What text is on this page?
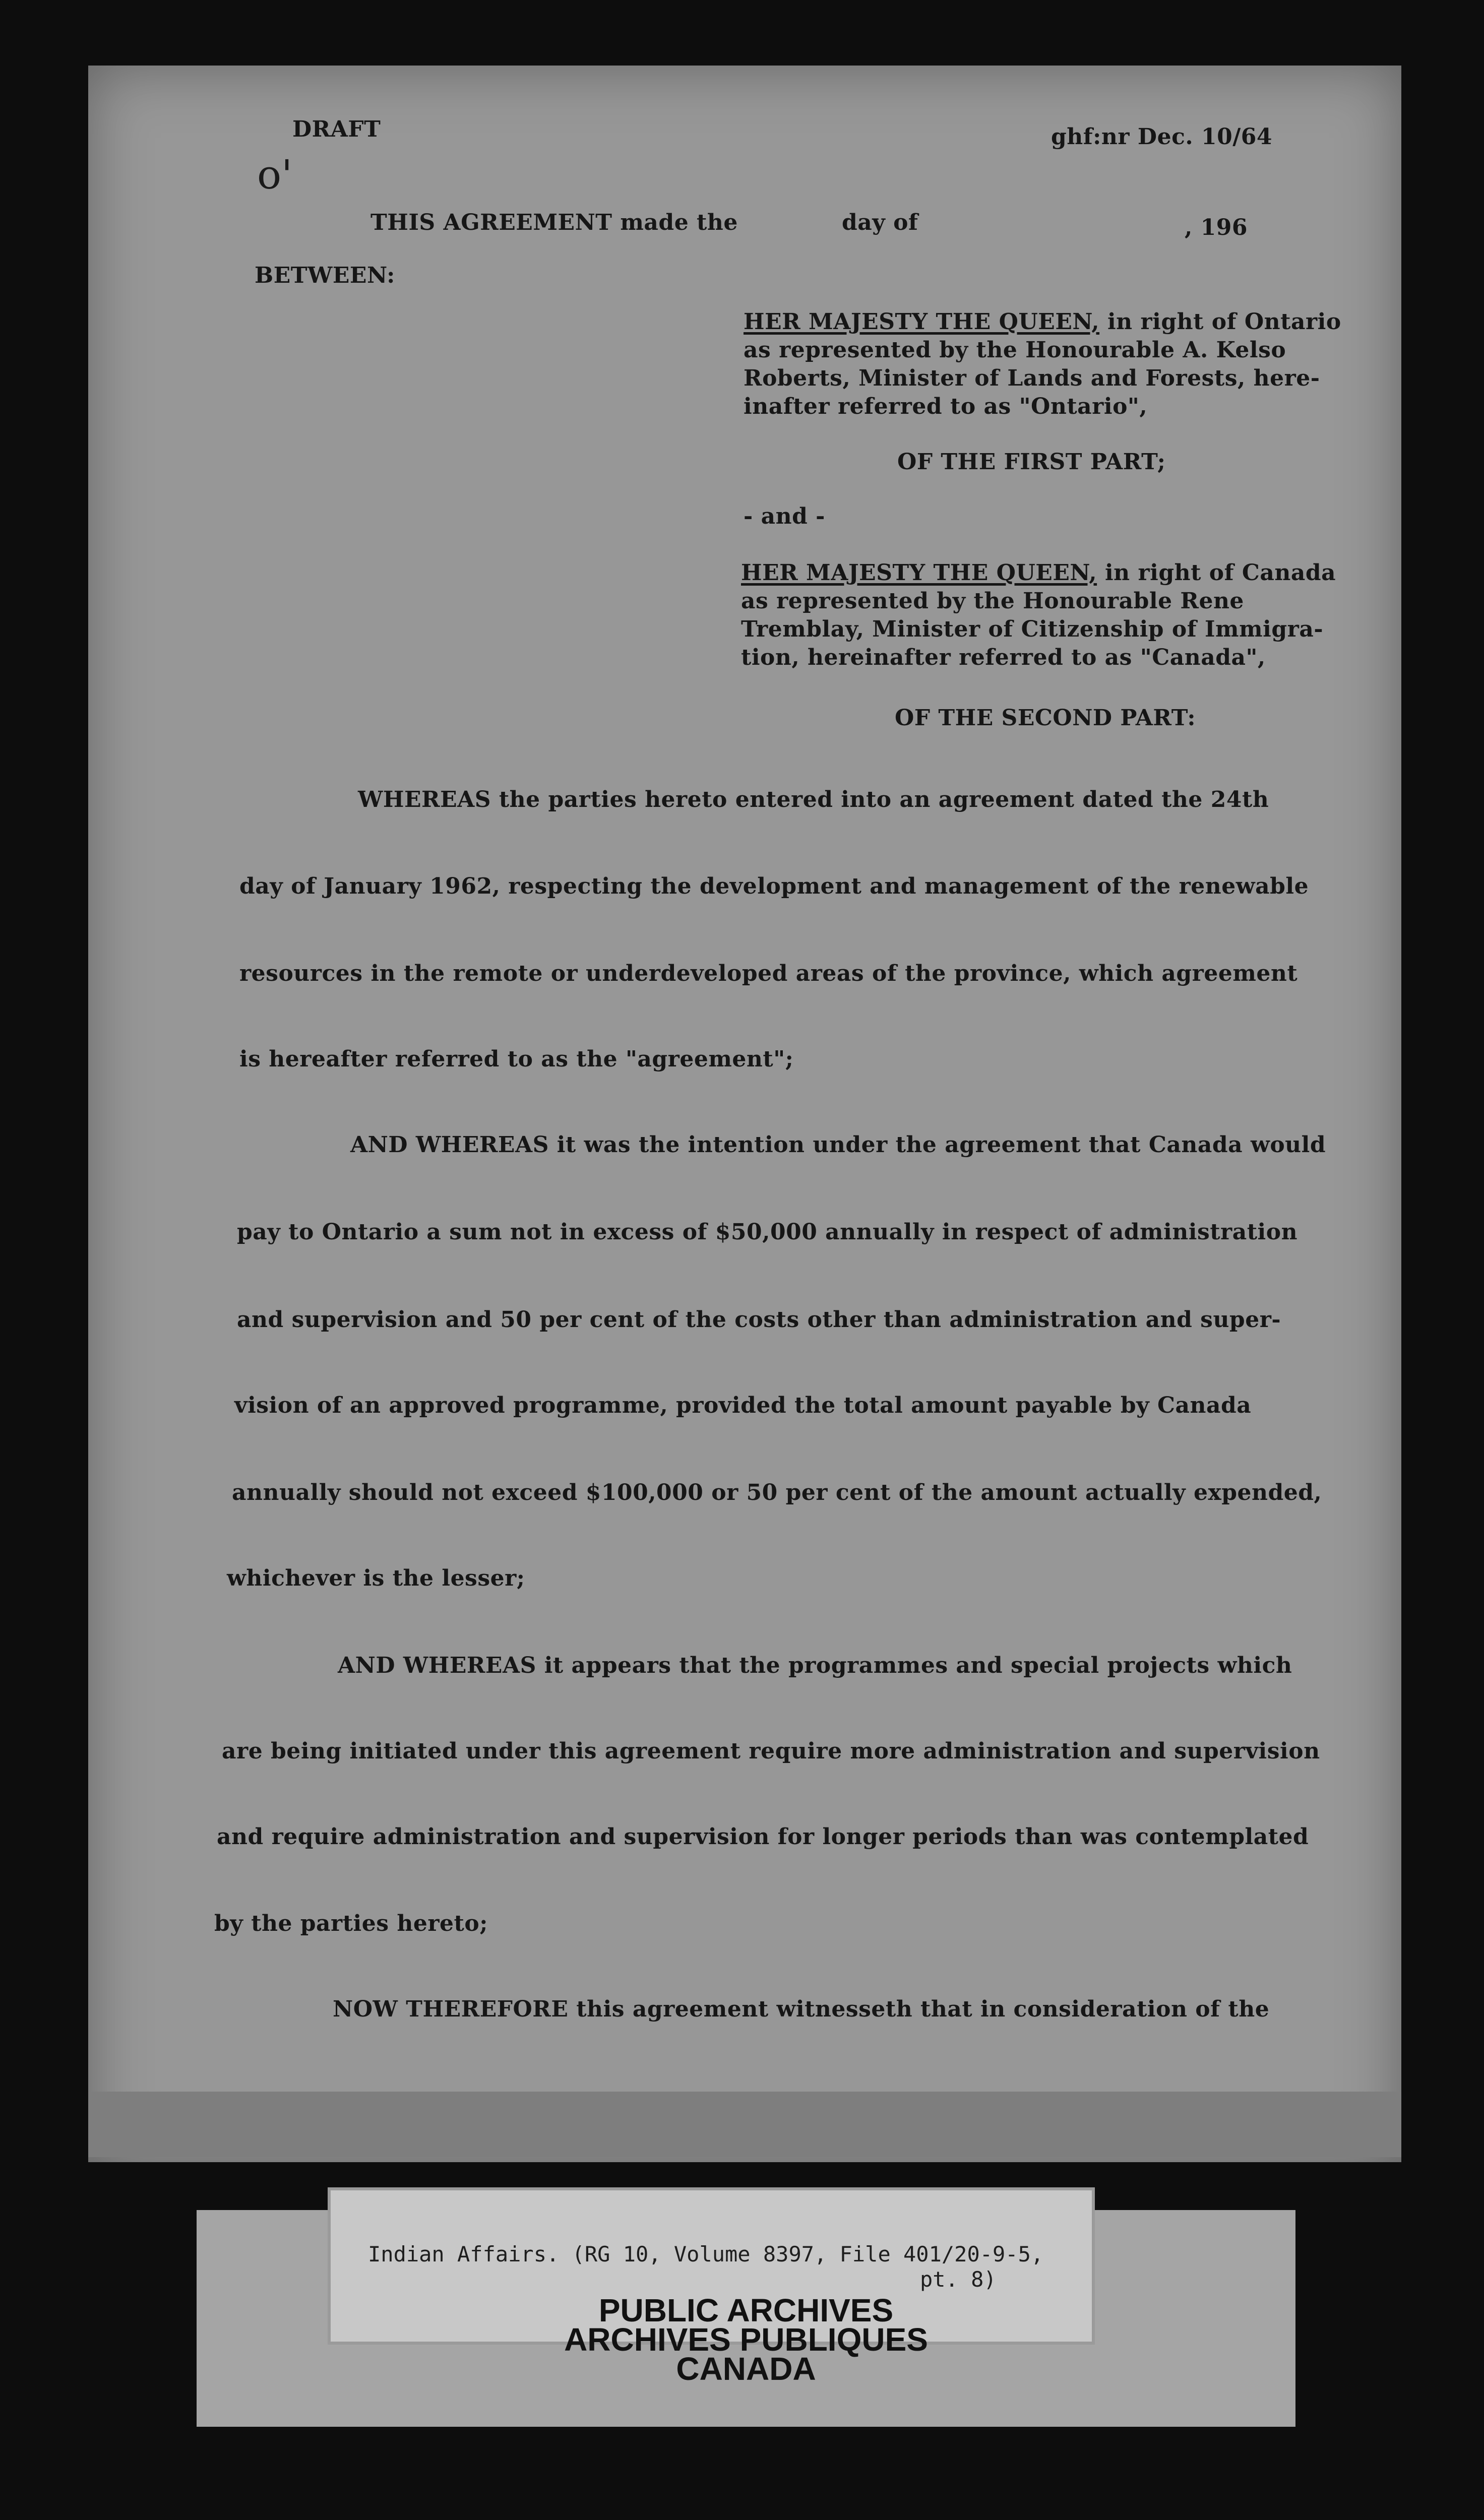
o'

DRAFT	ghf:nr Dec. 10/64

THIS AGREEMENT made the	day of	, 196

BETWEEN:

HER MAJESTY THE QUEEN, in right of Ontario

as represented by the Honourable A. Kelso

Roberts, Minister of Lands and Forests, here-

inafter referred to as "Ontario",

OF THE FIRST PART;

- and -

HER MAJESTY THE QUEEN, in right of Canada

as represented by the Honourable Rene

Tremblay, Minister of Citizenship of Immigra-

tion, hereinafter referred to as "Canada",

OF THE SECOND PART:

WHEREAS the parties hereto entered into an agreement dated the 24th

day of January 1962, respecting the development and management of the renewable

resources in the remote or underdeveloped areas of the province, which agreement

is hereafter referred to as the "agreement";

AND WHEREAS it was the intention under the agreement that Canada would

pay to Ontario a sum not in excess of $50,000 annually in respect of administration

and supervision and 50 per cent of the costs other than administration and super-

vision of an approved programme, provided the total amount payable by Canada

annually should not exceed $100,000 or 50 per cent of the amount actually expended,

whichever is the lesser;

AND WHEREAS it appears that the programmes and special projects which

are being initiated under this agreement require more administration and supervision

and require administration and supervision for longer periods than was contemplated

by the parties hereto;

NOW THEREFORE this agreement witnesseth that in consideration of the

Indian Affairs. (RG 10, Volume 8397, File 401/20-9-5,

pt. 8)

PUBLIC ARCHIVES
ARCHIVES PUBLIQUES
CANADA
